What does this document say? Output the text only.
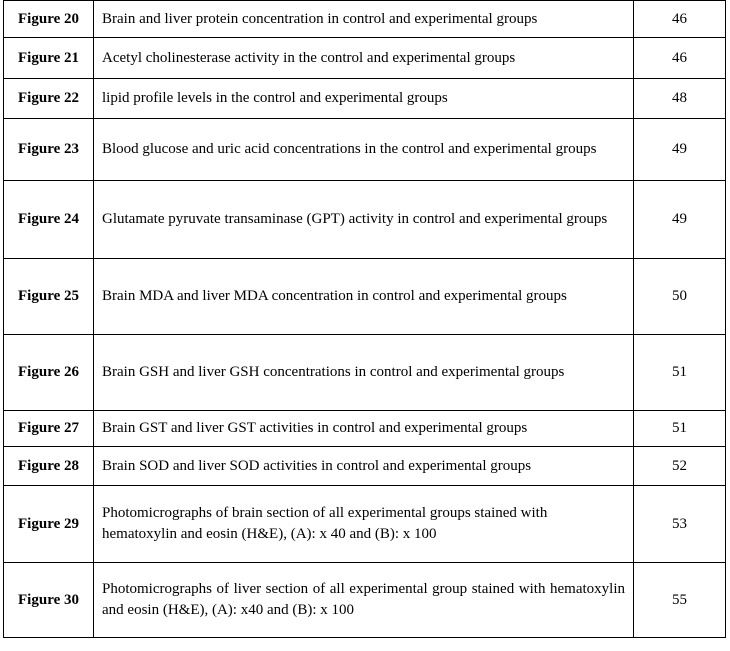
Figure 20	Brain and liver protein concentration in control and experimental groups	46
Figure 21	Acetyl cholinesterase activity in the control and experimental groups	46
Figure 22	lipid profile levels in the control and experimental groups	48
Figure 23	Blood glucose and uric acid concentrations in the control and experimental groups	49
Figure 24	Glutamate pyruvate transaminase (GPT) activity in control and experimental groups	49
Figure 25	Brain MDA and liver MDA concentration in control and experimental groups	50
Figure 26	Brain GSH and liver GSH concentrations in control and experimental groups	51
Figure 27	Brain GST and liver GST activities in control and experimental groups	51
Figure 28	Brain SOD and liver SOD activities in control and experimental groups	52
Figure 29	Photomicrographs of brain section of all experimental groups stained with hematoxylin and eosin (H&E), (A): x 40 and (B): x 100	53
Figure 30	Photomicrographs of liver section of all experimental group stained with hematoxylin and eosin (H&E), (A): x40 and (B): x 100	55
